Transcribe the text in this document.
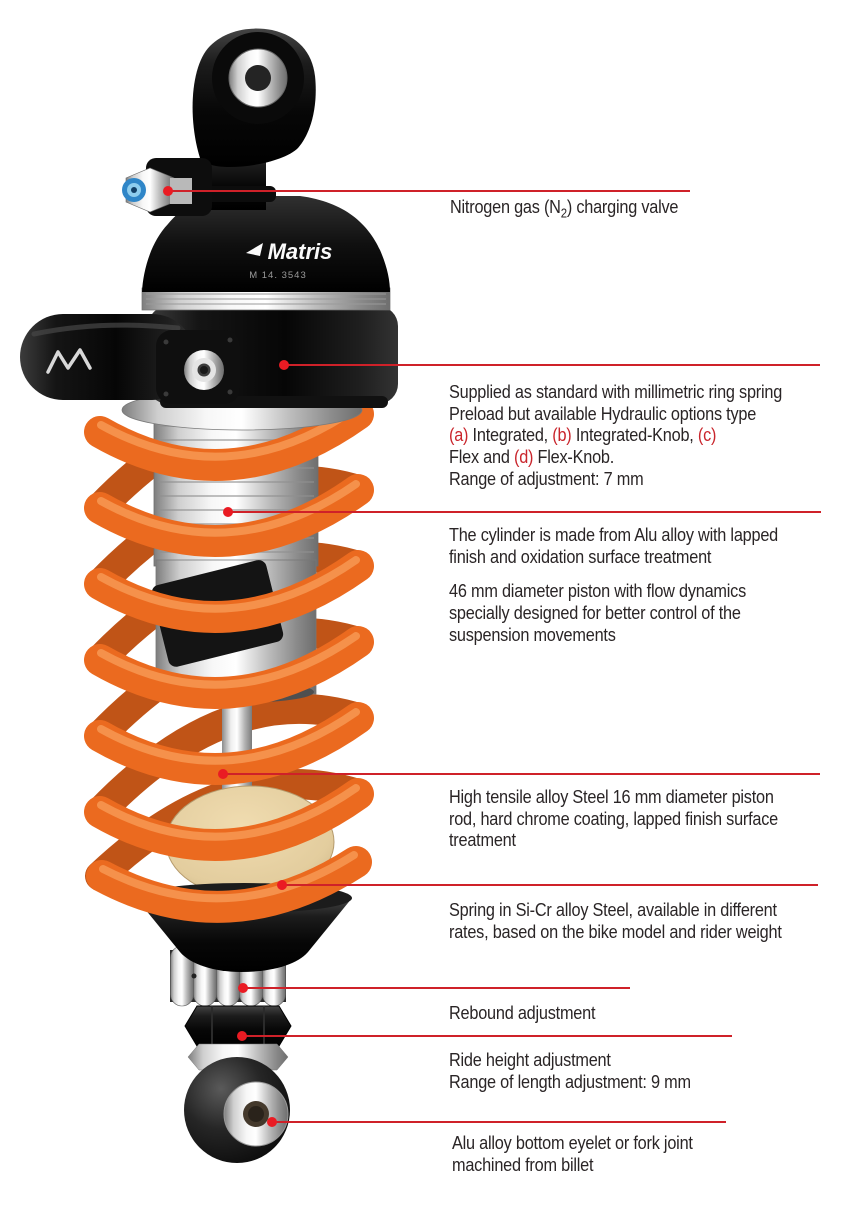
Matris
Matris
M 14. 3543
Nitrogen gas $(N_2)$ charging valve
Supplied as standard with millimetric ring spring
Preload but available Hydraulic options type
(a) Integrated, (b) Integrated-Knob, (c)
Flex and (d) Flex-Knob.
Range of adjustment: 7 mm
The cylinder is made from Alu alloy with lapped
finish and oxidation surface treatment
46 mm diameter piston with flow dynamics
specially designed for better control of the
suspension movements
High tensile alloy Steel 16 mm diameter piston
rod, hard chrome coating, lapped finish surface
treatment
Spring in Si-Cr alloy Steel, available in different
rates, based on the bike model and rider weight
Rebound adjustment
Ride height adjustment
Range of length adjustment: 9 mm
Alu alloy bottom eyelet or fork joint
machined from billet
